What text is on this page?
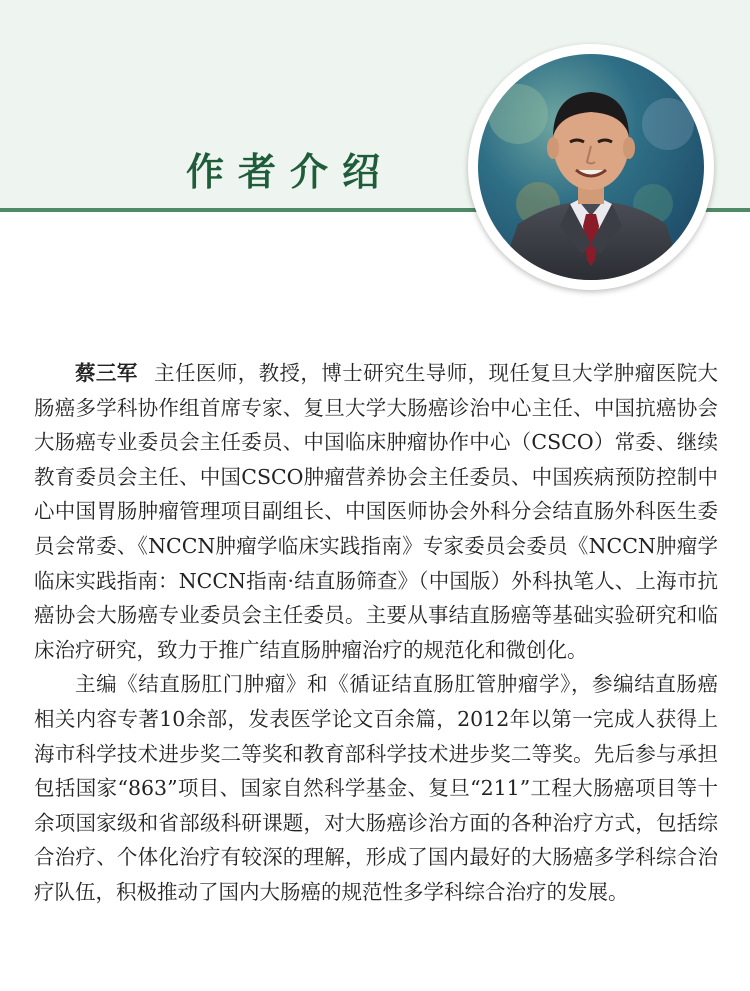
作者介绍

蔡三军 主任医师，教授，博士研究生导师，现任复旦大学肿瘤医院大肠癌多学科协作组首席专家、复旦大学大肠癌诊治中心主任、中国抗癌协会大肠癌专业委员会主任委员、中国临床肿瘤协作中心（CSCO）常委、继续教育委员会主任、中国CSCO肿瘤营养协会主任委员、中国疾病预防控制中心中国胃肠肿瘤管理项目副组长、中国医师协会外科分会结直肠外科医生委员会常委、《NCCN肿瘤学临床实践指南》专家委员会委员《NCCN肿瘤学临床实践指南：NCCN指南·结直肠筛查》（中国版）外科执笔人、上海市抗癌协会大肠癌专业委员会主任委员。主要从事结直肠癌等基础实验研究和临床治疗研究，致力于推广结直肠肿瘤治疗的规范化和微创化。

主编《结直肠肛门肿瘤》和《循证结直肠肛管肿瘤学》，参编结直肠癌相关内容专著10余部，发表医学论文百余篇，2012年以第一完成人获得上海市科学技术进步奖二等奖和教育部科学技术进步奖二等奖。先后参与承担包括国家“863”项目、国家自然科学基金、复旦“211”工程大肠癌项目等十余项国家级和省部级科研课题，对大肠癌诊治方面的各种治疗方式，包括综合治疗、个体化治疗有较深的理解，形成了国内最好的大肠癌多学科综合治疗队伍，积极推动了国内大肠癌的规范性多学科综合治疗的发展。
